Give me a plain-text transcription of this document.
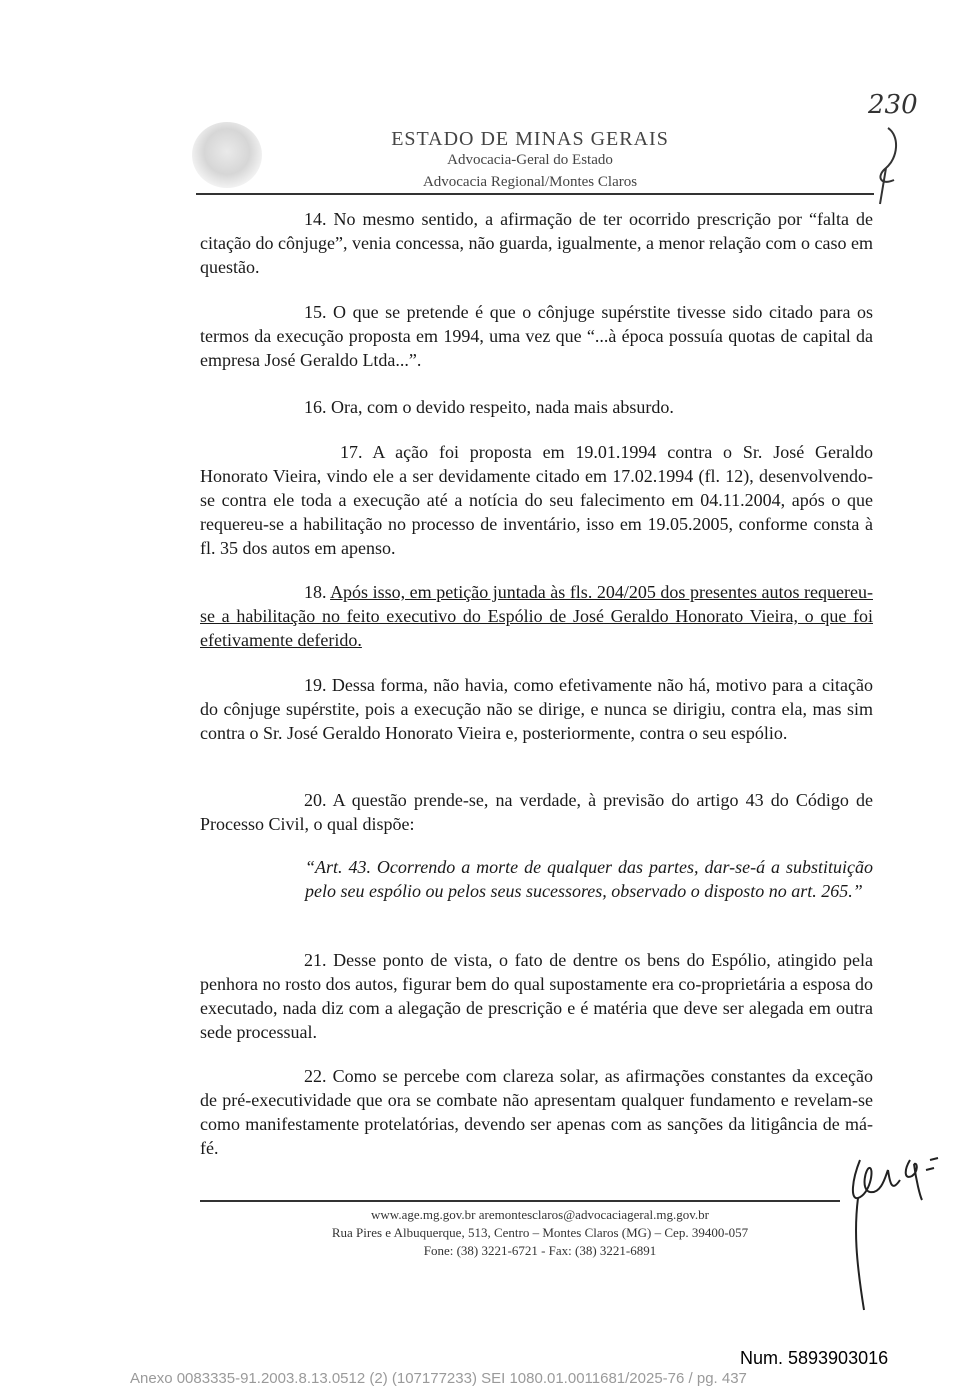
ESTADO DE MINAS GERAIS
Advocacia-Geral do Estado
Advocacia Regional/Montes Claros
230
14. No mesmo sentido, a afirmação de ter ocorrido prescrição por “falta de citação do cônjuge”, venia concessa, não guarda, igualmente, a menor relação com o caso em questão.
15. O que se pretende é que o cônjuge supérstite tivesse sido citado para os termos da execução proposta em 1994, uma vez que “...à época possuía quotas de capital da empresa José Geraldo Ltda...”.
16. Ora, com o devido respeito, nada mais absurdo.
17. A ação foi proposta em 19.01.1994 contra o Sr. José Geraldo Honorato Vieira, vindo ele a ser devidamente citado em 17.02.1994 (fl. 12), desenvolvendo-se contra ele toda a execução até a notícia do seu falecimento em 04.11.2004, após o que requereu-se a habilitação no processo de inventário, isso em 19.05.2005, conforme consta à fl. 35 dos autos em apenso.
18. Após isso, em petição juntada às fls. 204/205 dos presentes autos requereu-se a habilitação no feito executivo do Espólio de José Geraldo Honorato Vieira, o que foi efetivamente deferido.
19. Dessa forma, não havia, como efetivamente não há, motivo para a citação do cônjuge supérstite, pois a execução não se dirige, e nunca se dirigiu, contra ela, mas sim contra o Sr. José Geraldo Honorato Vieira e, posteriormente, contra o seu espólio.
20. A questão prende-se, na verdade, à previsão do artigo 43 do Código de Processo Civil, o qual dispõe:
“Art. 43. Ocorrendo a morte de qualquer das partes, dar-se-á a substituição pelo seu espólio ou pelos seus sucessores, observado o disposto no art. 265.”
21. Desse ponto de vista, o fato de dentre os bens do Espólio, atingido pela penhora no rosto dos autos, figurar bem do qual supostamente era co-proprietária a esposa do executado, nada diz com a alegação de prescrição e é matéria que deve ser alegada em outra sede processual.
22. Como se percebe com clareza solar, as afirmações constantes da exceção de pré-executividade que ora se combate não apresentam qualquer fundamento e revelam-se como manifestamente protelatórias, devendo ser apenas com as sanções da litigância de má-fé.
www.age.mg.gov.br aremontesclaros@advocaciageral.mg.gov.br
Rua Pires e Albuquerque, 513, Centro – Montes Claros (MG) – Cep. 39400-057
Fone: (38) 3221-6721 - Fax: (38) 3221-6891
Num. 5893903016
Anexo 0083335-91.2003.8.13.0512 (2) (107177233) SEI 1080.01.0011681/2025-76 / pg. 437
